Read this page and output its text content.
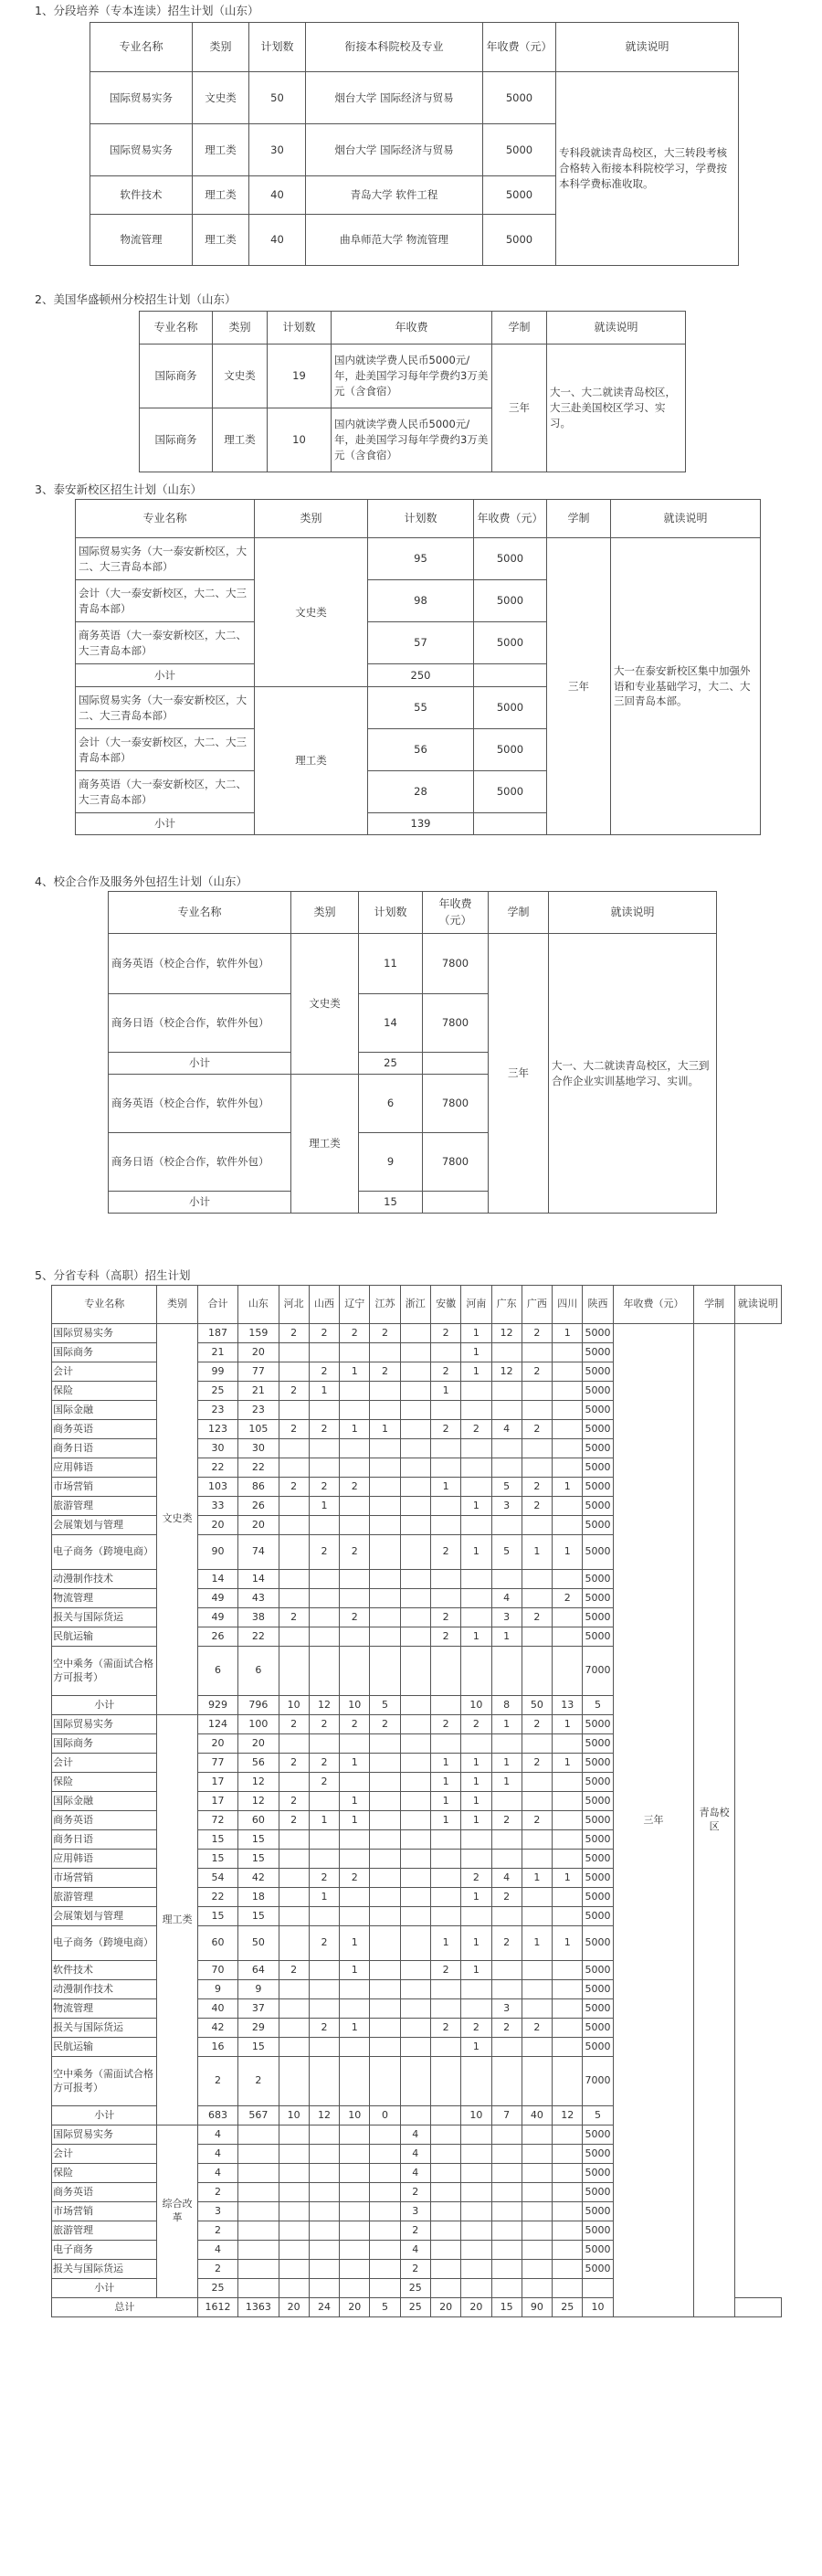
1、分段培养（专本连读）招生计划（山东）
专业名称	类别	计划数	衔接本科院校及专业	年收费（元）	就读说明
国际贸易实务	文史类	50	烟台大学 国际经济与贸易	5000	专科段就读青岛校区，大三转段考核合格转入衔接本科院校学习，学费按本科学费标准收取。
国际贸易实务	理工类	30	烟台大学 国际经济与贸易	5000	
软件技术	理工类	40	青岛大学 软件工程	5000	
物流管理	理工类	40	曲阜师范大学 物流管理	5000	
2、美国华盛顿州分校招生计划（山东）
专业名称	类别	计划数	年收费	学制	就读说明
国际商务	文史类	19	国内就读学费人民币5000元/年，赴美国学习每年学费约3万美元（含食宿）	三年	大一、大二就读青岛校区，大三赴美国校区学习、实习。
国际商务	理工类	10	国内就读学费人民币5000元/年，赴美国学习每年学费约3万美元（含食宿）		
3、泰安新校区招生计划（山东）
专业名称	类别	计划数	年收费（元）	学制	就读说明
国际贸易实务（大一泰安新校区，大二、大三青岛本部）	文史类	95	5000	三年	大一在泰安新校区集中加强外语和专业基础学习，大二、大三回青岛本部。
会计（大一泰安新校区，大二、大三青岛本部）		98	5000		
商务英语（大一泰安新校区，大二、大三青岛本部）		57	5000		
小计		250			
国际贸易实务（大一泰安新校区，大二、大三青岛本部）	理工类	55	5000		
会计（大一泰安新校区，大二、大三青岛本部）		56	5000		
商务英语（大一泰安新校区，大二、大三青岛本部）		28	5000		
小计		139			
4、校企合作及服务外包招生计划（山东）
专业名称	类别	计划数	年收费（元）	学制	就读说明
商务英语（校企合作，软件外包）	文史类	11	7800	三年	大一、大二就读青岛校区，大三到合作企业实训基地学习、实训。
商务日语（校企合作，软件外包）		14	7800		
小计		25			
商务英语（校企合作，软件外包）	理工类	6	7800		
商务日语（校企合作，软件外包）		9	7800		
小计		15			
5、分省专科（高职）招生计划
专业名称	类别	合计	山东	河北	山西	辽宁	江苏	浙江	安徽	河南	广东	广西	四川	陕西	年收费（元）	学制	就读说明
国际贸易实务	文史类	187	159	2	2	2	2		2	1	12	2	1	5000	三年	青岛校区	
国际商务		21	20							1				5000			
会计		99	77		2	1	2		2	1	12	2		5000			
保险		25	21	2	1				1					5000			
国际金融		23	23											5000			
商务英语		123	105	2	2	1	1		2	2	4	2		5000			
商务日语		30	30											5000			
应用韩语		22	22											5000			
市场营销		103	86	2	2	2			1		5	2	1	5000			
旅游管理		33	26		1					1	3	2		5000			
会展策划与管理		20	20											5000			
电子商务（跨境电商）		90	74		2	2			2	1	5	1	1	5000			
动漫制作技术		14	14											5000			
物流管理		49	43								4		2	5000			
报关与国际货运		49	38	2		2			2		3	2		5000			
民航运输		26	22						2	1	1			5000			
空中乘务（需面试合格方可报考）		6	6											7000			
小计		929	796	10	12	10	5			10	8	50	13	5			
国际贸易实务	理工类	124	100	2	2	2	2		2	2	1	2	1	5000			
国际商务		20	20											5000			
会计		77	56	2	2	1			1	1	1	2	1	5000			
保险		17	12		2				1	1	1			5000			
国际金融		17	12	2		1			1	1				5000			
商务英语		72	60	2	1	1			1	1	2	2		5000			
商务日语		15	15											5000			
应用韩语		15	15											5000			
市场营销		54	42		2	2				2	4	1	1	5000			
旅游管理		22	18		1					1	2			5000			
会展策划与管理		15	15											5000			
电子商务（跨境电商）		60	50		2	1			1	1	2	1	1	5000			
软件技术		70	64	2		1			2	1				5000			
动漫制作技术		9	9											5000			
物流管理		40	37								3			5000			
报关与国际货运		42	29		2	1			2	2	2	2		5000			
民航运输		16	15							1				5000			
空中乘务（需面试合格方可报考）		2	2											7000			
小计		683	567	10	12	10	0			10	7	40	12	5			
国际贸易实务	综合改革	4						4						5000			
会计		4						4						5000			
保险		4						4						5000			
商务英语		2						2						5000			
市场营销		3						3						5000			
旅游管理		2						2						5000			
电子商务		4						4						5000			
报关与国际货运		2						2						5000			
小计		25						25									
总计		1612	1363	20	24	20	5	25	20	20	15	90	25	10			
